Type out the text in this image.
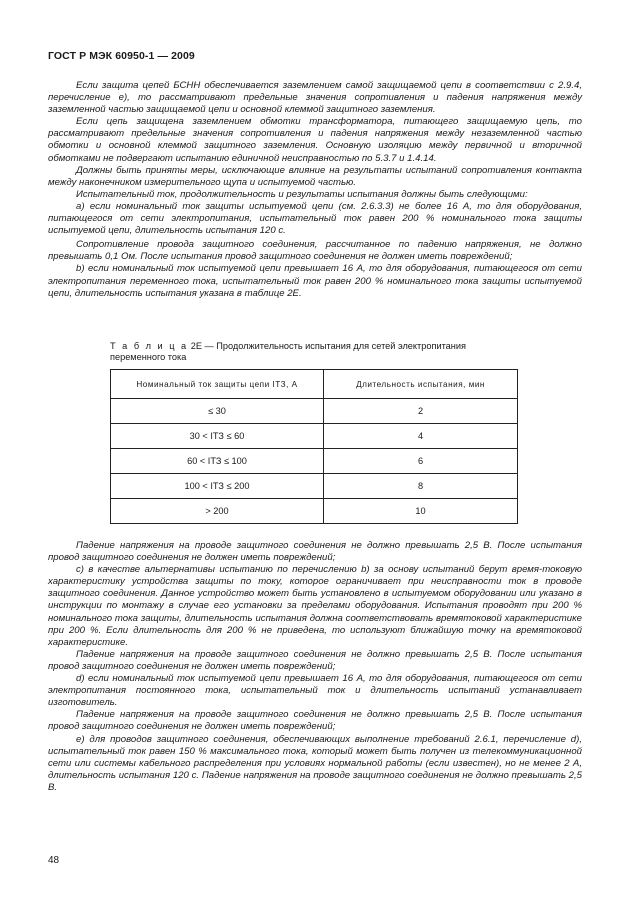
ГОСТ Р МЭК 60950-1 — 2009

Если защита цепей БСНН обеспечивается заземлением самой защищаемой цепи в соответствии с 2.9.4, перечисление е), то рассматривают предельные значения сопротивления и падения напряжения между заземленной частью защищаемой цепи и основной клеммой защитного заземления.

Если цепь защищена заземлением обмотки трансформатора, питающего защищаемую цепь, то рассматривают предельные значения сопротивления и падения напряжения между незаземленной частью обмотки и основной клеммой защитного заземления. Основную изоляцию между первичной и вторичной обмотками не подвергают испытанию единичной неисправностью по 5.3.7 и 1.4.14.

Должны быть приняты меры, исключающие влияние на результаты испытаний сопротивления контакта между наконечником измерительного щупа и испытуемой частью.

Испытательный ток, продолжительность и результаты испытания должны быть следующими:

а) если номинальный ток защиты испытуемой цепи (см. 2.6.3.3) не более 16 А, то для оборудования, питающегося от сети электропитания, испытательный ток равен 200 % номинального тока защиты испытуемой цепи, длительность испытания 120 с.

Сопротивление провода защитного соединения, рассчитанное по падению напряжения, не должно превышать 0,1 Ом. После испытания провод защитного соединения не должен иметь повреждений;

b) если номинальный ток испытуемой цепи превышает 16 А, то для оборудования, питающегося от сети электропитания переменного тока, испытательный ток равен 200 % номинального тока защиты испытуемой цепи, длительность испытания указана в таблице 2Е.

Т а б л и ц а 2Е — Продолжительность испытания для сетей электропитания переменного тока
Номинальный ток защиты цепи IТЗ, А	Длительность испытания, мин
≤ 30	2
30 < IТЗ ≤ 60	4
60 < IТЗ ≤ 100	6
100 < IТЗ ≤ 200	8
> 200	10

Падение напряжения на проводе защитного соединения не должно превышать 2,5 В. После испытания провод защитного соединения не должен иметь повреждений;

с) в качестве альтернативы испытанию по перечислению b) за основу испытаний берут время-токовую характеристику устройства защиты по току, которое ограничивает при неисправности ток в проводе защитного соединения. Данное устройство может быть установлено в испытуемом оборудовании или указано в инструкции по монтажу в случае его установки за пределами оборудования. Испытания проводят при 200 % номинального тока защиты, длительность испытания должна соответствовать времятоковой характеристике при 200 %. Если длительность для 200 % не приведена, то используют ближайшую точку на времятоковой характеристике.

Падение напряжения на проводе защитного соединения не должно превышать 2,5 В. После испытания провод защитного соединения не должен иметь повреждений;

d) если номинальный ток испытуемой цепи превышает 16 А, то для оборудования, питающегося от сети электропитания постоянного тока, испытательный ток и длительность испытаний устанавливает изготовитель.

Падение напряжения на проводе защитного соединения не должно превышать 2,5 В. После испытания провод защитного соединения не должен иметь повреждений;

е) для проводов защитного соединения, обеспечивающих выполнение требований 2.6.1, перечисление d), испытательный ток равен 150 % максимального тока, который может быть получен из телекоммуникационной сети или системы кабельного распределения при условиях нормальной работы (если известен), но не менее 2 А, длительность испытания 120 с. Падение напряжения на проводе защитного соединения не должно превышать 2,5 В.

48
